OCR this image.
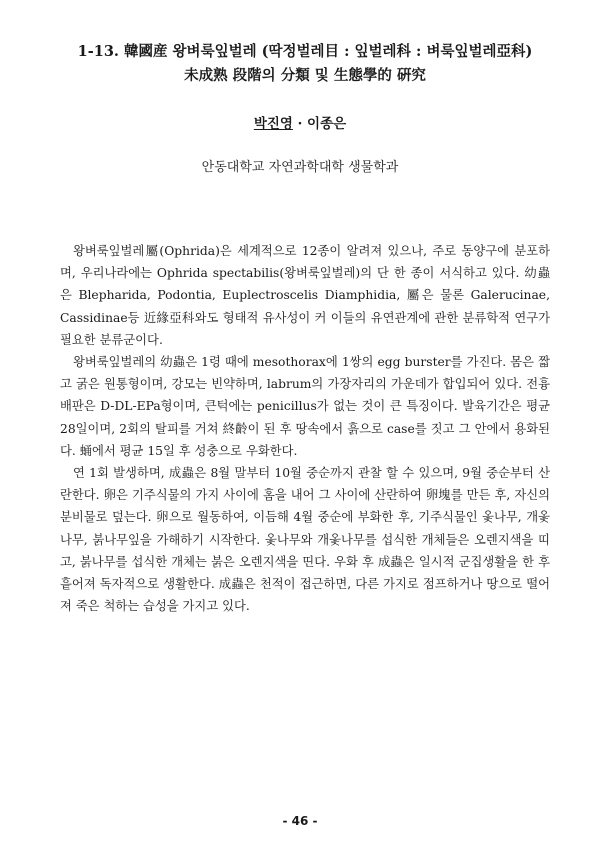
1-13. 韓國産 왕벼룩잎벌레 (딱정벌레目 : 잎벌레科 : 벼룩잎벌레亞科)
未成熟 段階의 分類 및 生態學的 硏究
박진영 · 이종은
안동대학교 자연과학대학 생물학과

왕벼룩잎벌레屬(Ophrida)은 세계적으로 12종이 알려져 있으나, 주로 동양구에 분포하며, 우리나라에는 Ophrida spectabilis(왕벼룩잎벌레)의 단 한 종이 서식하고 있다. 幼蟲은 Blepharida, Podontia, Euplectroscelis Diamphidia, 屬은 물론 Galerucinae, Cassidinae등 近緣亞科와도 형태적 유사성이 커 이들의 유연관계에 관한 분류학적 연구가 필요한 분류군이다.

왕벼룩잎벌레의 幼蟲은 1령 때에 mesothorax에 1쌍의 egg burster를 가진다. 몸은 짧고 굵은 원통형이며, 강모는 빈약하며, labrum의 가장자리의 가운데가 합입되어 있다. 전흉배판은 D-DL-EPa형이며, 큰턱에는 penicillus가 없는 것이 큰 특징이다. 발육기간은 평균 28일이며, 2회의 탈피를 거쳐 終齡이 된 후 땅속에서 흙으로 case를 짓고 그 안에서 용화된다. 蛹에서 평균 15일 후 성충으로 우화한다.

연 1회 발생하며, 成蟲은 8월 말부터 10월 중순까지 관찰 할 수 있으며, 9월 중순부터 산란한다. 卵은 기주식물의 가지 사이에 홈을 내어 그 사이에 산란하여 卵塊를 만든 후, 자신의 분비물로 덮는다. 卵으로 월동하여, 이듬해 4월 중순에 부화한 후, 기주식물인 옻나무, 개옻나무, 붉나무잎을 가해하기 시작한다. 옻나무와 개옻나무를 섭식한 개체들은 오렌지색을 띠고, 붉나무를 섭식한 개체는 붉은 오렌지색을 띤다. 우화 후 成蟲은 일시적 군집생활을 한 후 흩어져 독자적으로 생활한다. 成蟲은 천적이 접근하면, 다른 가지로 점프하거나 땅으로 떨어져 죽은 척하는 습성을 가지고 있다.

- 46 -
